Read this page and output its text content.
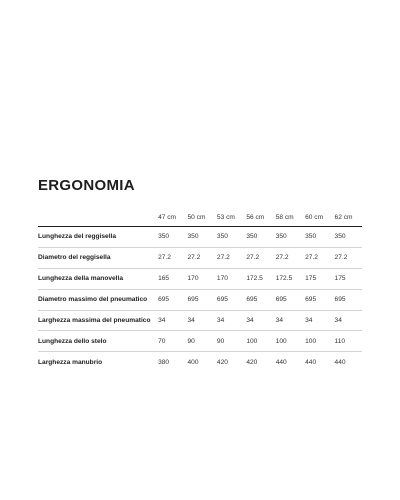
ERGONOMIA
	47 cm	50 cm	53 cm	56 cm	58 cm	60 cm	62 cm
Lunghezza del reggisella	350	350	350	350	350	350	350
Diametro del reggisella	27.2	27.2	27.2	27.2	27.2	27.2	27.2
Lunghezza della manovella	165	170	170	172.5	172.5	175	175
Diametro massimo del pneumatico	695	695	695	695	695	695	695
Larghezza massima del pneumatico	34	34	34	34	34	34	34
Lunghezza dello stelo	70	90	90	100	100	100	110
Larghezza manubrio	380	400	420	420	440	440	440
